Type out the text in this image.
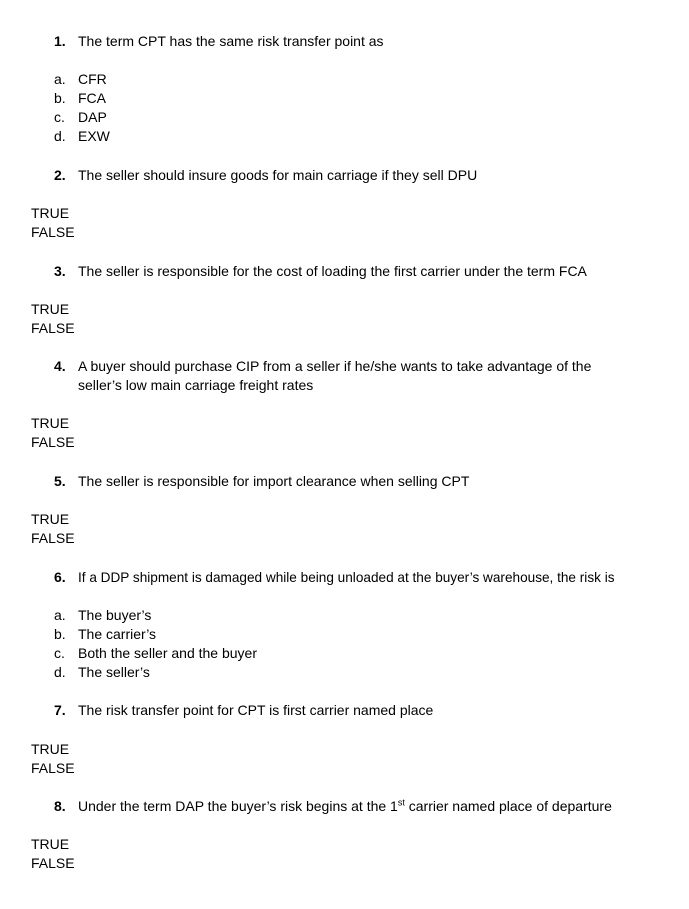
1. The term CPT has the same risk transfer point as
a. CFR
b. FCA
c. DAP
d. EXW
2. The seller should insure goods for main carriage if they sell DPU
TRUE
FALSE
3. The seller is responsible for the cost of loading the first carrier under the term FCA
TRUE
FALSE
4. A buyer should purchase CIP from a seller if he/she wants to take advantage of the seller’s low main carriage freight rates
TRUE
FALSE
5. The seller is responsible for import clearance when selling CPT
TRUE
FALSE
6. If a DDP shipment is damaged while being unloaded at the buyer’s warehouse, the risk is
a. The buyer’s
b. The carrier’s
c. Both the seller and the buyer
d. The seller’s
7. The risk transfer point for CPT is first carrier named place
TRUE
FALSE
8. Under the term DAP the buyer’s risk begins at the 1st carrier named place of departure
TRUE
FALSE
